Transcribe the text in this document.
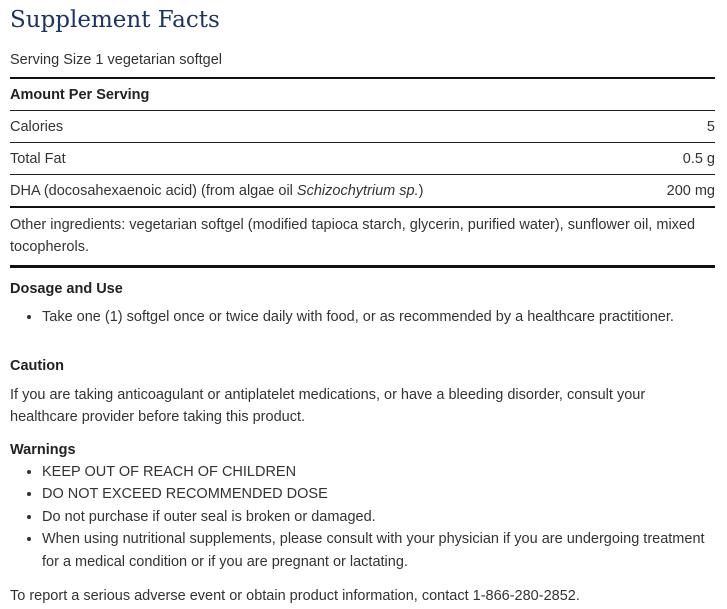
Supplement Facts
Serving Size 1 vegetarian softgel
Amount Per Serving
Calories	5
Total Fat	0.5 g
DHA (docosahexaenoic acid) (from algae oil Schizochytrium sp.)	200 mg
Other ingredients: vegetarian softgel (modified tapioca starch, glycerin, purified water), sunflower oil, mixed tocopherols.
Dosage and Use
• Take one (1) softgel once or twice daily with food, or as recommended by a healthcare practitioner.
Caution
If you are taking anticoagulant or antiplatelet medications, or have a bleeding disorder, consult your healthcare provider before taking this product.
Warnings
• KEEP OUT OF REACH OF CHILDREN
• DO NOT EXCEED RECOMMENDED DOSE
• Do not purchase if outer seal is broken or damaged.
• When using nutritional supplements, please consult with your physician if you are undergoing treatment for a medical condition or if you are pregnant or lactating.
To report a serious adverse event or obtain product information, contact 1-866-280-2852.
